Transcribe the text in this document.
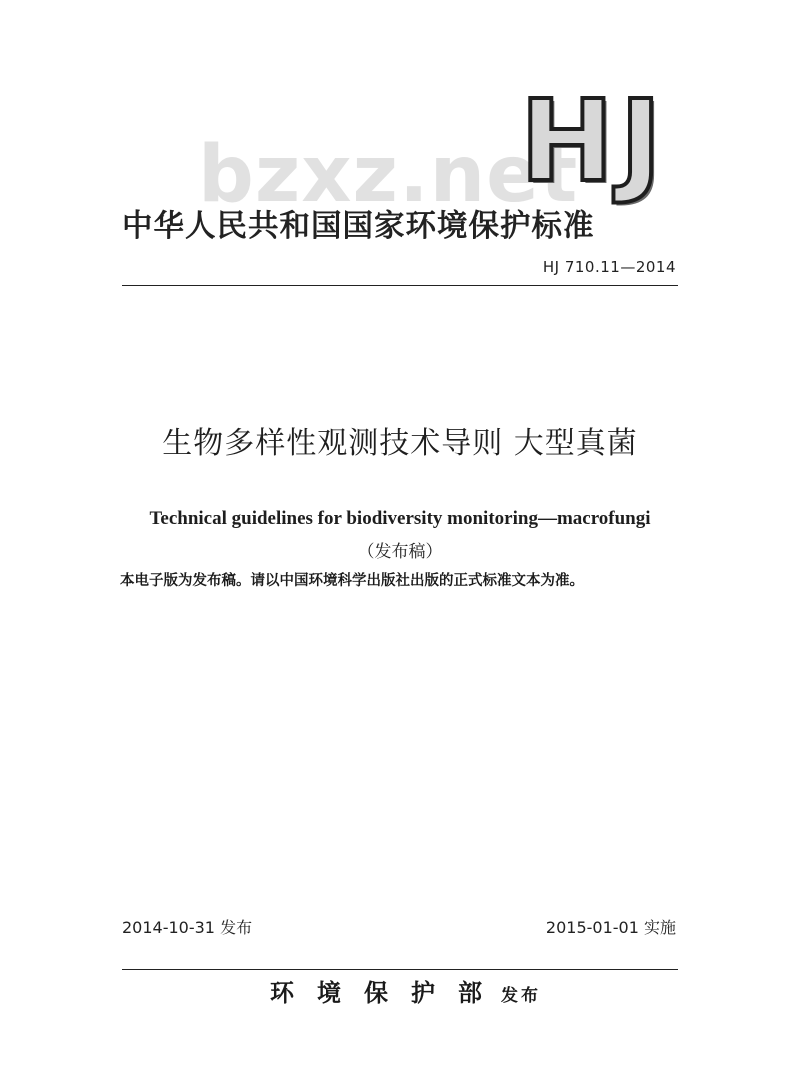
bzxz.net
HJ
中华人民共和国国家环境保护标准
HJ 710.11—2014
生物多样性观测技术导则 大型真菌
Technical guidelines for biodiversity monitoring—macrofungi
（发布稿）
本电子版为发布稿。请以中国环境科学出版社出版的正式标准文本为准。
2014-10-31 发布	2015-01-01 实施
环境保护部发布
